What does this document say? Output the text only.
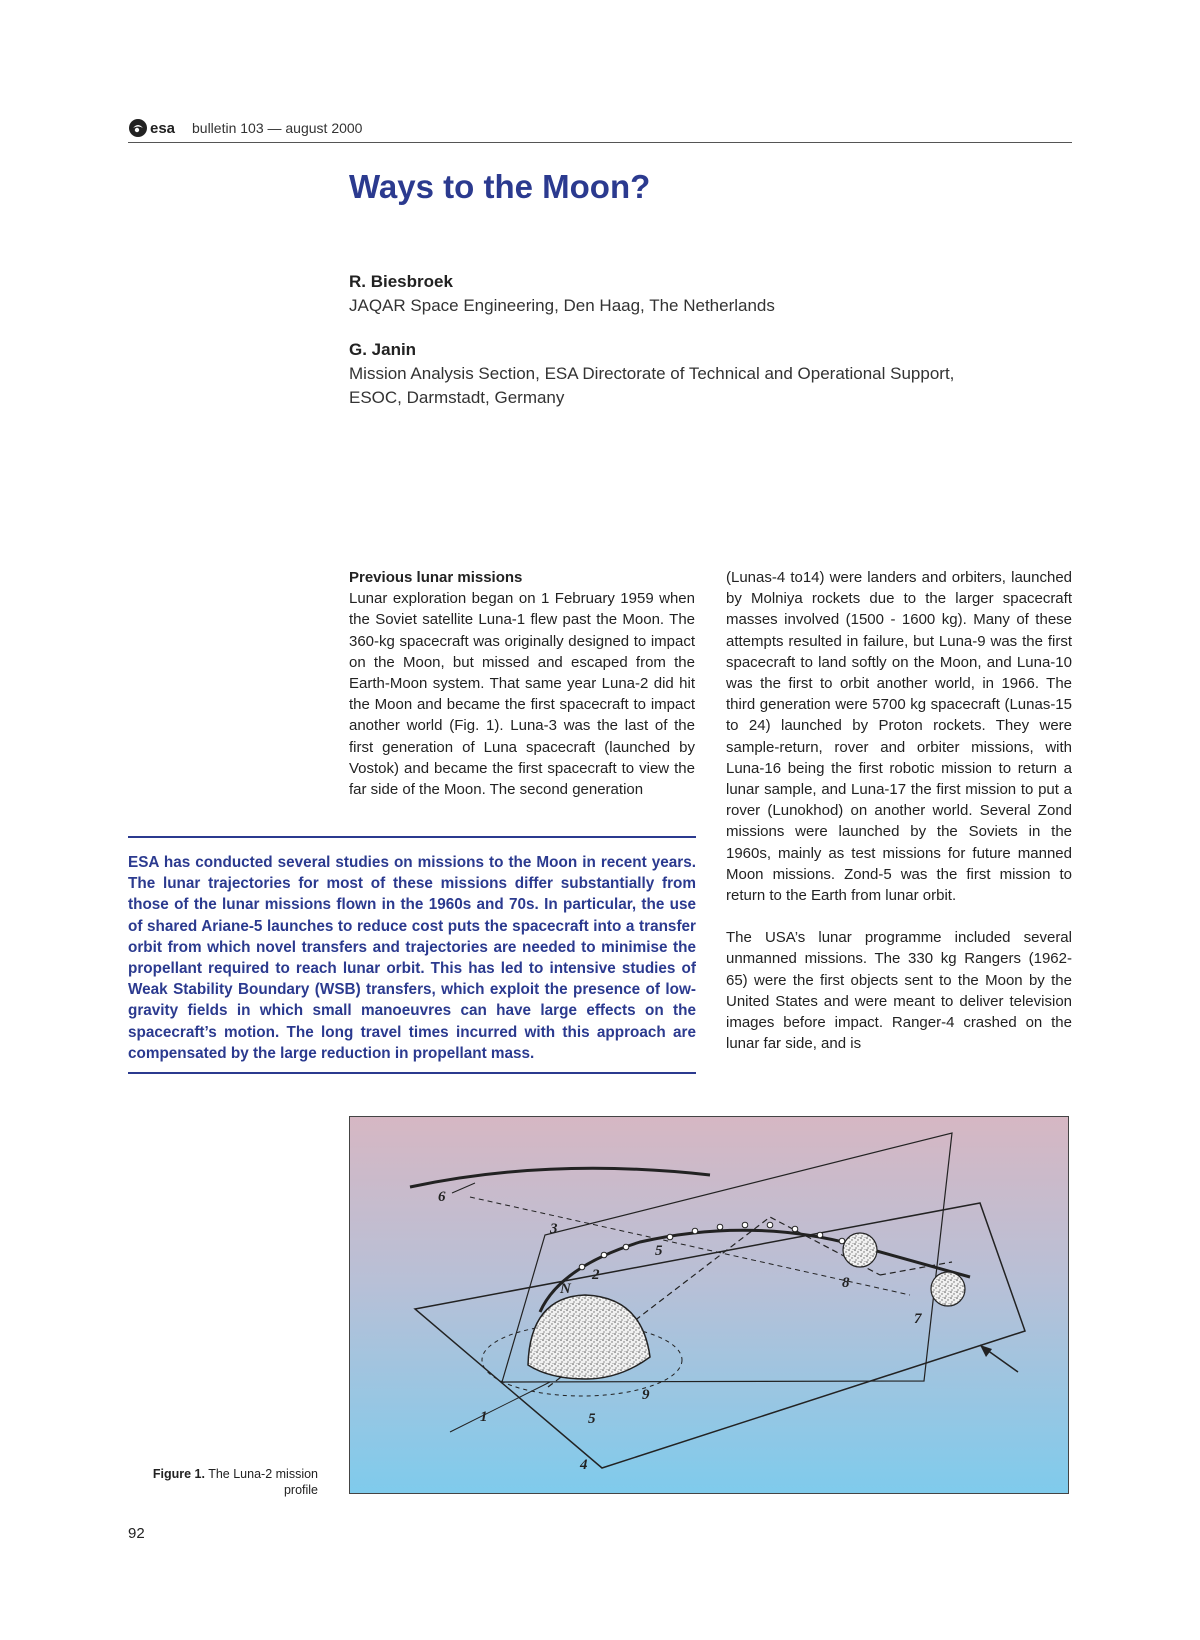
esa bulletin 103 — august 2000
Ways to the Moon?
R. Biesbroek
JAQAR Space Engineering, Den Haag, The Netherlands
G. Janin
Mission Analysis Section, ESA Directorate of Technical and Operational Support,
ESOC, Darmstadt, Germany
Previous lunar missions

Lunar exploration began on 1 February 1959 when the Soviet satellite Luna-1 flew past the Moon. The 360-kg spacecraft was originally designed to impact on the Moon, but missed and escaped from the Earth-Moon system. That same year Luna-2 did hit the Moon and became the first spacecraft to impact another world (Fig. 1). Luna-3 was the last of the first generation of Luna spacecraft (launched by Vostok) and became the first spacecraft to view the far side of the Moon. The second generation

(Lunas-4 to14) were landers and orbiters, launched by Molniya rockets due to the larger spacecraft masses involved (1500 - 1600 kg). Many of these attempts resulted in failure, but Luna-9 was the first spacecraft to land softly on the Moon, and Luna-10 was the first to orbit another world, in 1966. The third generation were 5700 kg spacecraft (Lunas-15 to 24) launched by Proton rockets. They were sample-return, rover and orbiter missions, with Luna-16 being the first robotic mission to return a lunar sample, and Luna-17 the first mission to put a rover (Lunokhod) on another world. Several Zond missions were launched by the Soviets in the 1960s, mainly as test missions for future manned Moon missions. Zond-5 was the first mission to return to the Earth from lunar orbit.

The USA’s lunar programme included several unmanned missions. The 330 kg Rangers (1962-65) were the first objects sent to the Moon by the United States and were meant to deliver television images before impact. Ranger-4 crashed on the lunar far side, and is

ESA has conducted several studies on missions to the Moon in recent years. The lunar trajectories for most of these missions differ substantially from those of the lunar missions flown in the 1960s and 70s. In particular, the use of shared Ariane-5 launches to reduce cost puts the spacecraft into a transfer orbit from which novel transfers and trajectories are needed to minimise the propellant required to reach lunar orbit. This has led to intensive studies of Weak Stability Boundary (WSB) transfers, which exploit the presence of low-gravity fields in which small manoeuvres can have large effects on the spacecraft’s motion. The long travel times incurred with this approach are compensated by the large reduction in propellant mass.

6
3
2
5
N	8
7
9
1	5
4
Figure 1. The Luna-2 mission profile
92
